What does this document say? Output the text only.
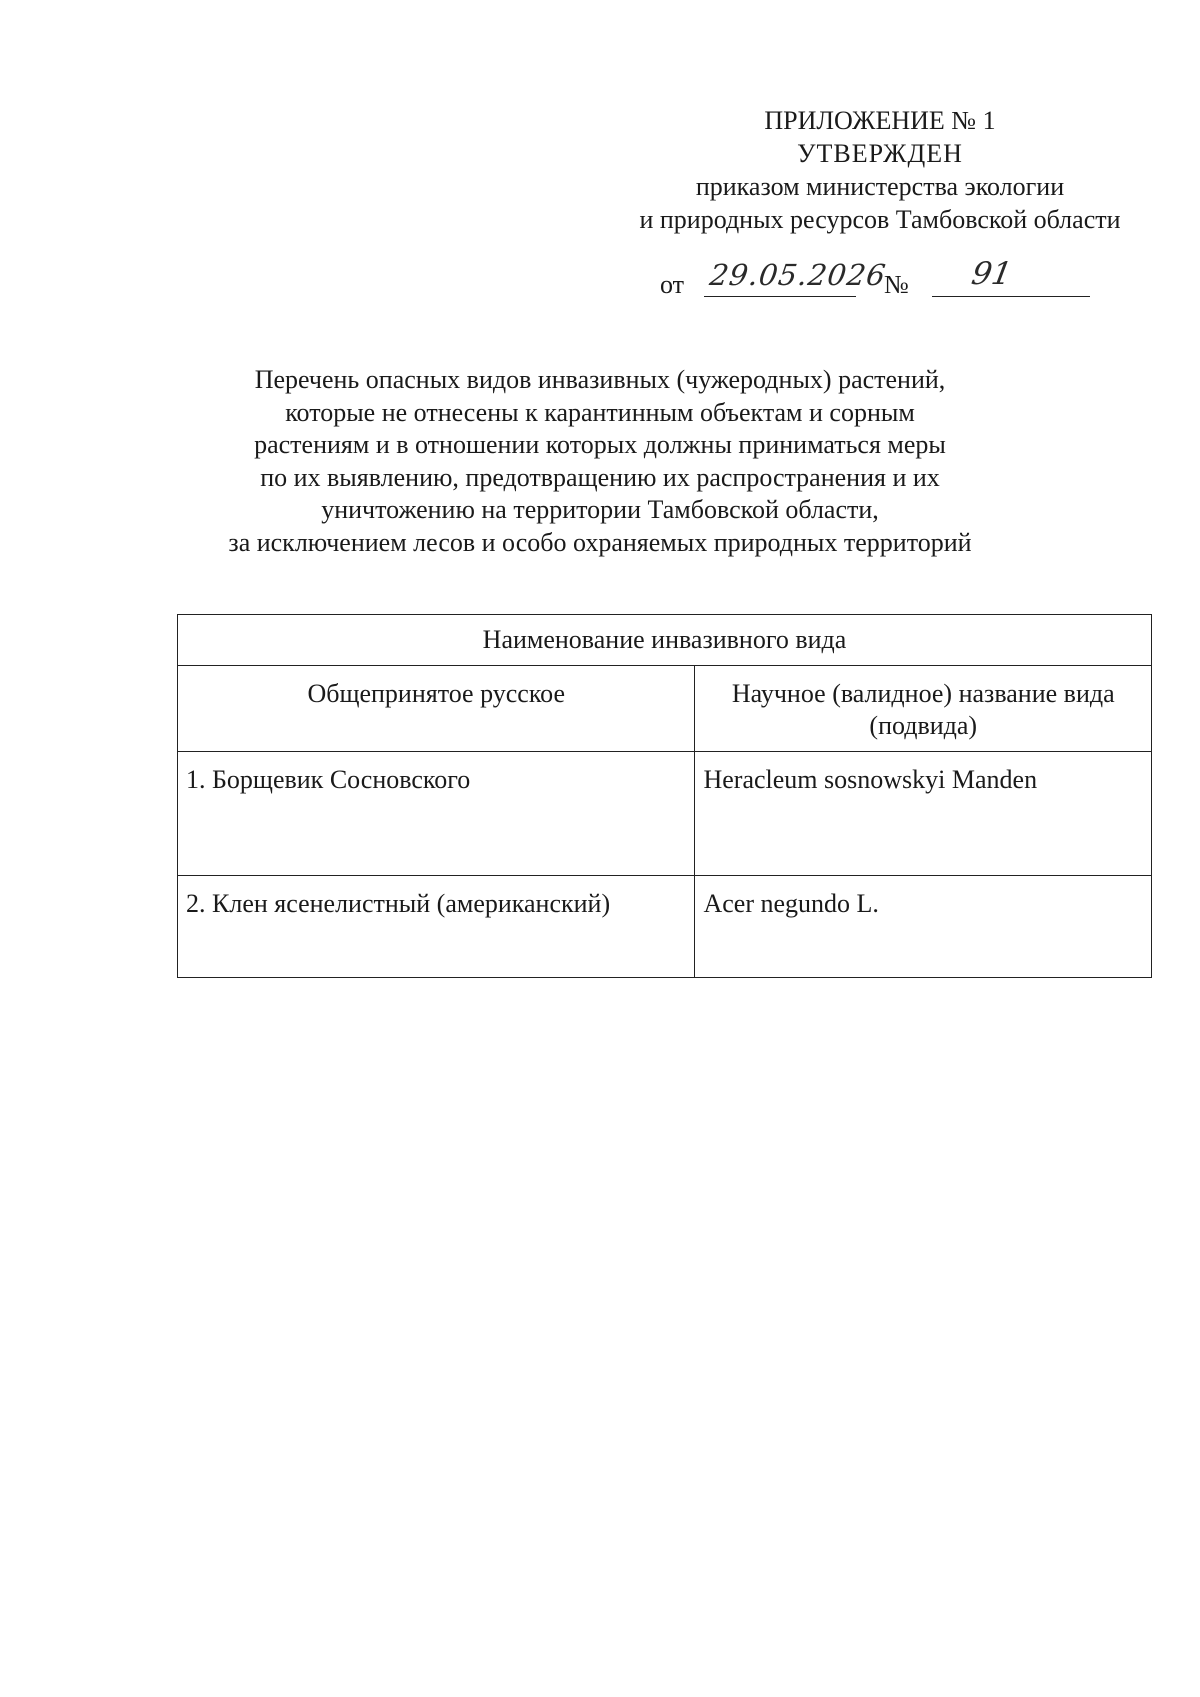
ПРИЛОЖЕНИЕ № 1
УТВЕРЖДЕН
приказом министерства экологии
и природных ресурсов Тамбовской области
от 29.05.2026
№ 91
Перечень опасных видов инвазивных (чужеродных) растений,
которые не отнесены к карантинным объектам и сорным
растениям и в отношении которых должны приниматься меры
по их выявлению, предотвращению их распространения и их
уничтожению на территории Тамбовской области,
за исключением лесов и особо охраняемых природных территорий
Наименование инвазивного вида	
Общепринятое русское	Научное (валидное) название вида
(подвида)

1. Борщевик Сосновского	Heracleum sosnowskyi Manden
2. Клен ясенелистный (американский)	Acer negundo L.
